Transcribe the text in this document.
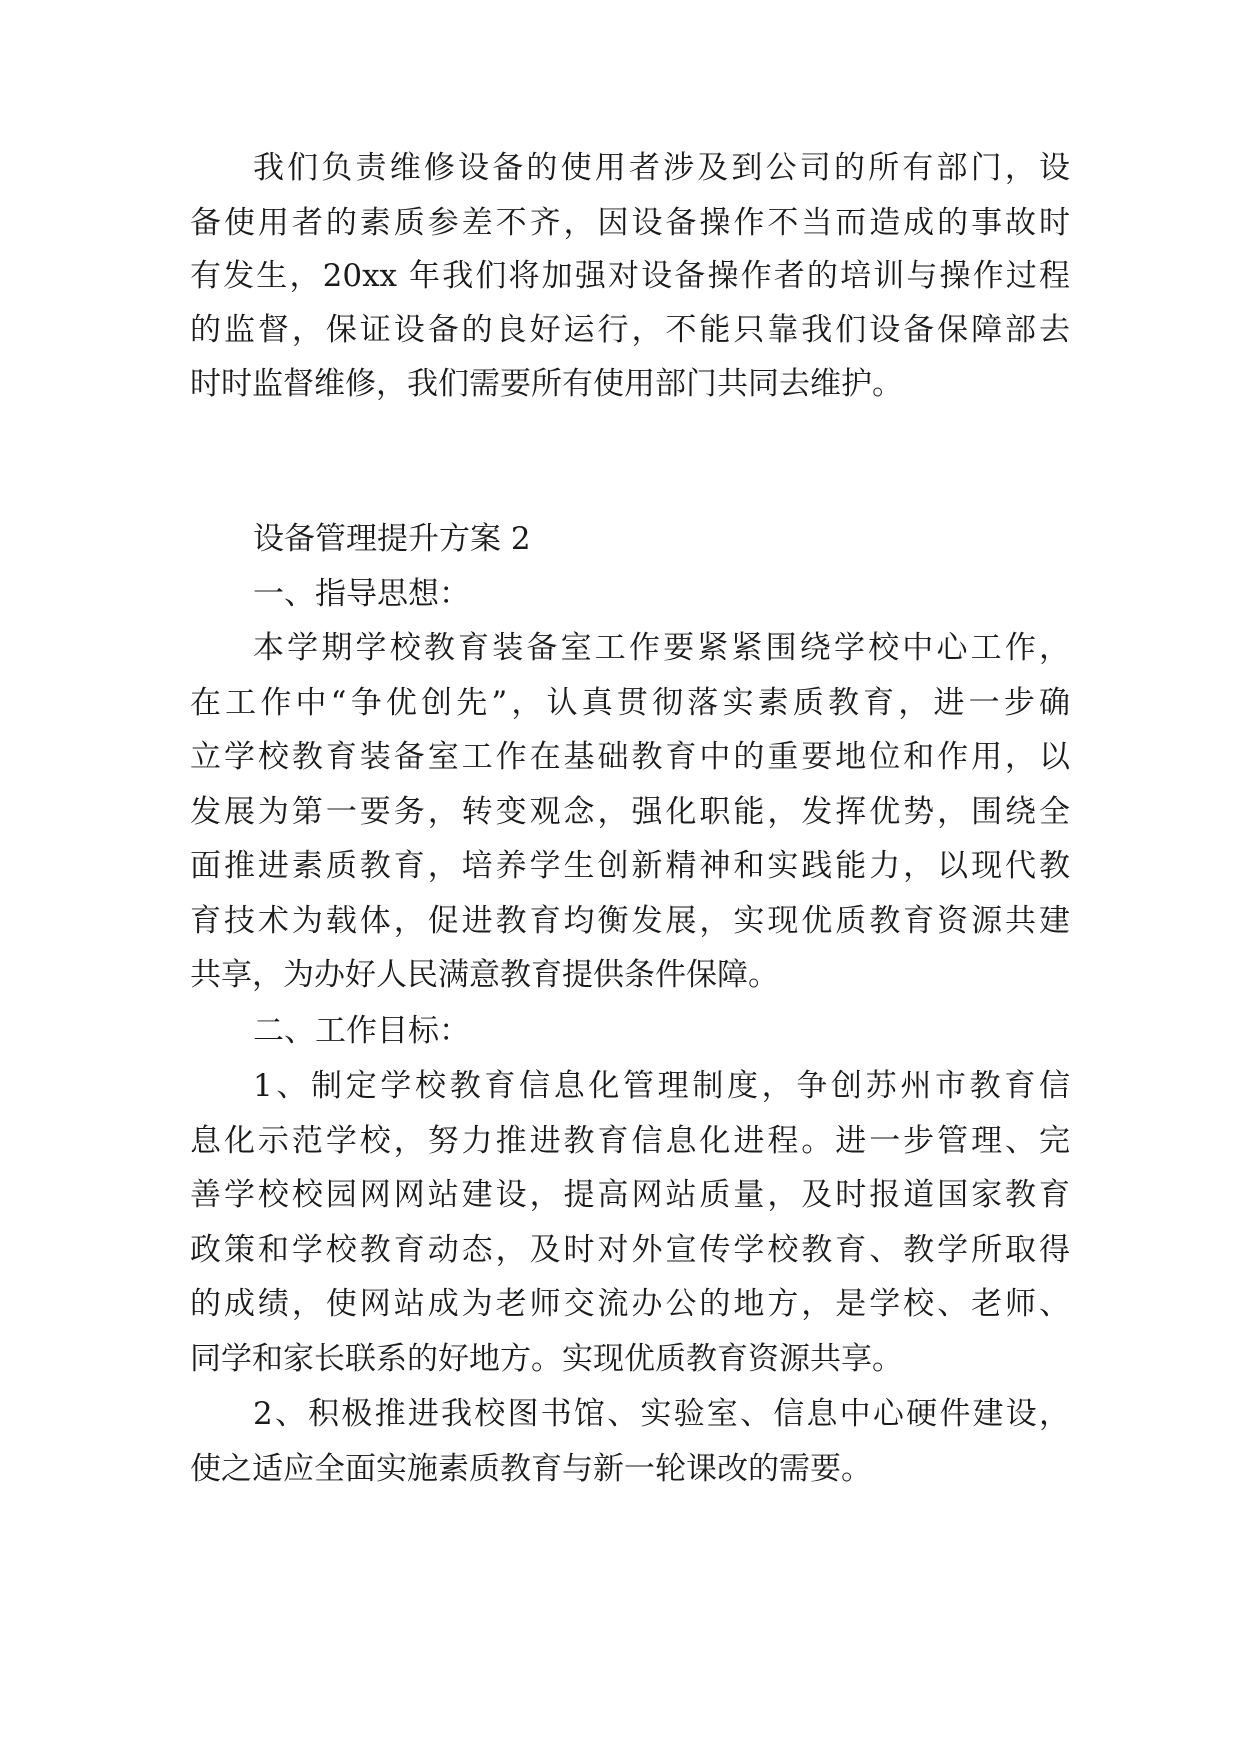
我们负责维修设备的使用者涉及到公司的所有部门，设

备使用者的素质参差不齐，因设备操作不当而造成的事故时

有发生，20xx 年我们将加强对设备操作者的培训与操作过程

的监督，保证设备的良好运行，不能只靠我们设备保障部去

时时监督维修，我们需要所有使用部门共同去维护。

设备管理提升方案 2

一、指导思想：

本学期学校教育装备室工作要紧紧围绕学校中心工作，

在工作中“争优创先”，认真贯彻落实素质教育，进一步确

立学校教育装备室工作在基础教育中的重要地位和作用，以

发展为第一要务，转变观念，强化职能，发挥优势，围绕全

面推进素质教育，培养学生创新精神和实践能力，以现代教

育技术为载体，促进教育均衡发展，实现优质教育资源共建

共享，为办好人民满意教育提供条件保障。

二、工作目标：

1、制定学校教育信息化管理制度，争创苏州市教育信

息化示范学校，努力推进教育信息化进程。进一步管理、完

善学校校园网网站建设，提高网站质量，及时报道国家教育

政策和学校教育动态，及时对外宣传学校教育、教学所取得

的成绩，使网站成为老师交流办公的地方，是学校、老师、

同学和家长联系的好地方。实现优质教育资源共享。

2、积极推进我校图书馆、实验室、信息中心硬件建设，

使之适应全面实施素质教育与新一轮课改的需要。
